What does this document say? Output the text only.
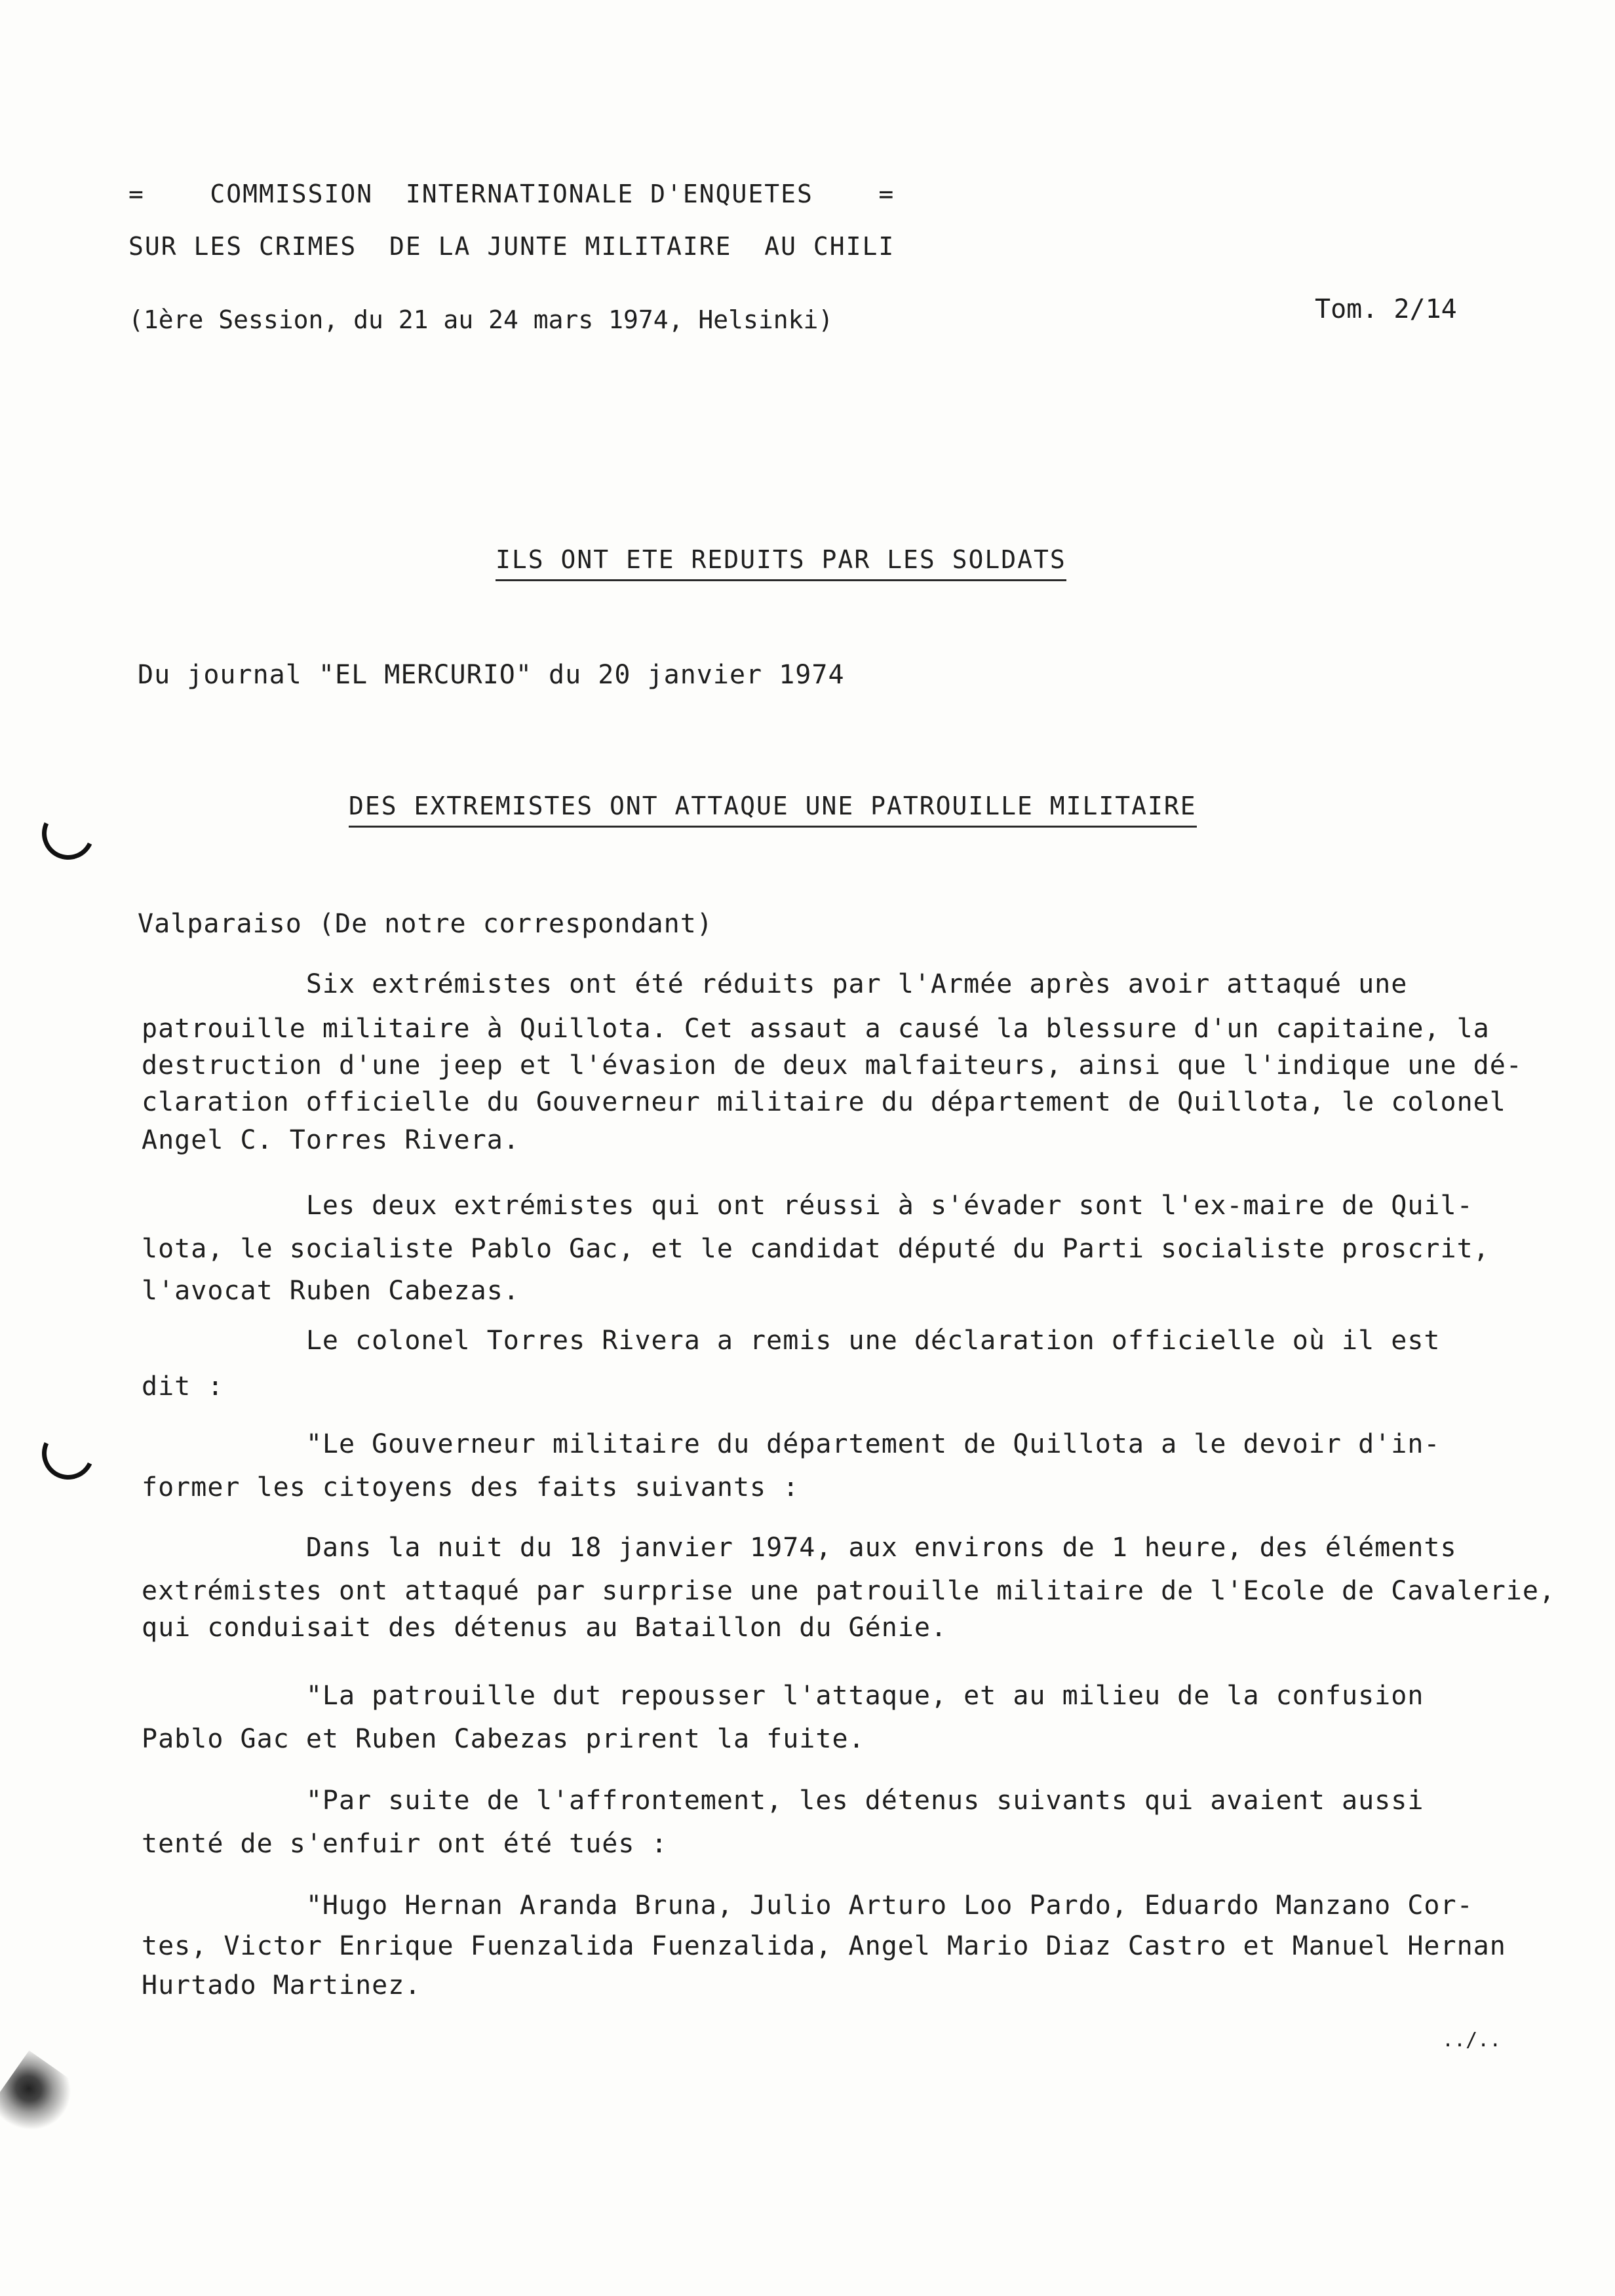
=    COMMISSION  INTERNATIONALE D'ENQUETES    =
SUR LES CRIMES  DE LA JUNTE MILITAIRE  AU CHILI
(1ère Session, du 21 au 24 mars 1974, Helsinki)	Tom. 2/14
ILS ONT ETE REDUITS PAR LES SOLDATS
Du journal "EL MERCURIO" du 20 janvier 1974
DES EXTREMISTES ONT ATTAQUE UNE PATROUILLE MILITAIRE
Valparaiso (De notre correspondant)
Six extrémistes ont été réduits par l'Armée après avoir attaqué une
patrouille militaire à Quillota. Cet assaut a causé la blessure d'un capitaine, la
destruction d'une jeep et l'évasion de deux malfaiteurs, ainsi que l'indique une dé-
claration officielle du Gouverneur militaire du département de Quillota, le colonel
Angel C. Torres Rivera.
Les deux extrémistes qui ont réussi à s'évader sont l'ex-maire de Quil-
lota, le socialiste Pablo Gac, et le candidat député du Parti socialiste proscrit,
l'avocat Ruben Cabezas.
Le colonel Torres Rivera a remis une déclaration officielle où il est
dit :
"Le Gouverneur militaire du département de Quillota a le devoir d'in-
former les citoyens des faits suivants :
Dans la nuit du 18 janvier 1974, aux environs de 1 heure, des éléments
extrémistes ont attaqué par surprise une patrouille militaire de l'Ecole de Cavalerie,
qui conduisait des détenus au Bataillon du Génie.
"La patrouille dut repousser l'attaque, et au milieu de la confusion
Pablo Gac et Ruben Cabezas prirent la fuite.
"Par suite de l'affrontement, les détenus suivants qui avaient aussi
tenté de s'enfuir ont été tués :
"Hugo Hernan Aranda Bruna, Julio Arturo Loo Pardo, Eduardo Manzano Cor-
tes, Victor Enrique Fuenzalida Fuenzalida, Angel Mario Diaz Castro et Manuel Hernan
Hurtado Martinez.
../..
